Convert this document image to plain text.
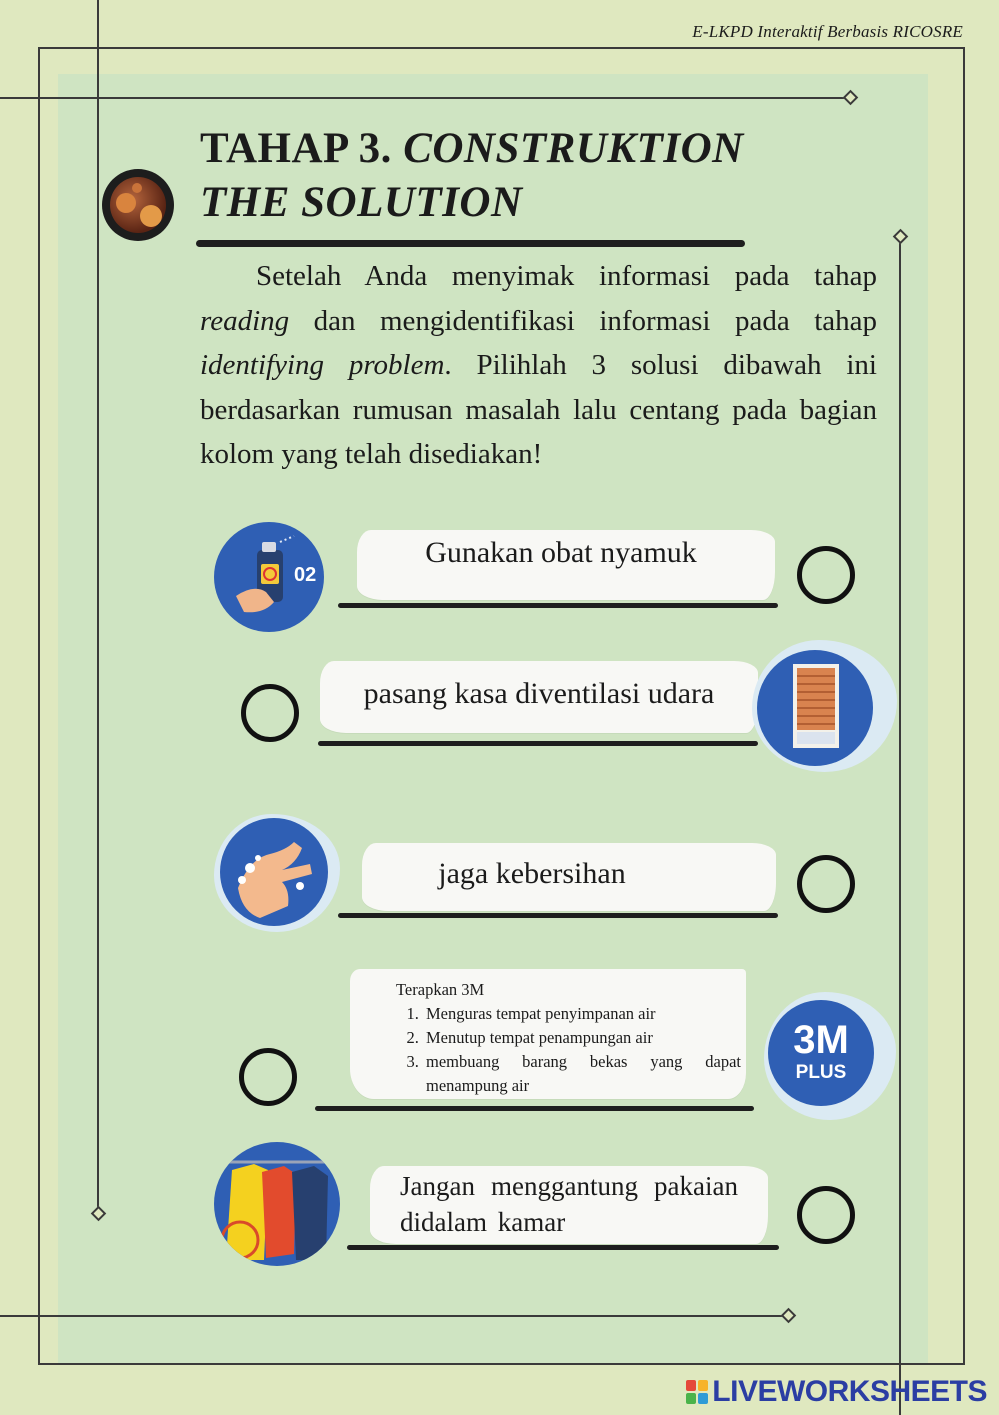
E-LKPD Interaktif Berbasis RICOSRE
TAHAP 3. CONSTRUKTION
THE SOLUTION
Setelah Anda menyimak informasi pada tahap reading dan mengidentifikasi informasi pada tahap identifying problem. Pilihlah 3 solusi dibawah ini berdasarkan rumusan masalah lalu centang pada bagian kolom yang telah disediakan!
02
Gunakan obat nyamuk
pasang kasa diventilasi udara
jaga kebersihan
Terapkan 3M
1. Menguras tempat penyimpanan air
2. Menutup tempat penampungan air
3. membuang barang bekas yang dapat menampung air
3M
PLUS
Jangan menggantung pakaian didalam kamar
LIVEWORKSHEETS
